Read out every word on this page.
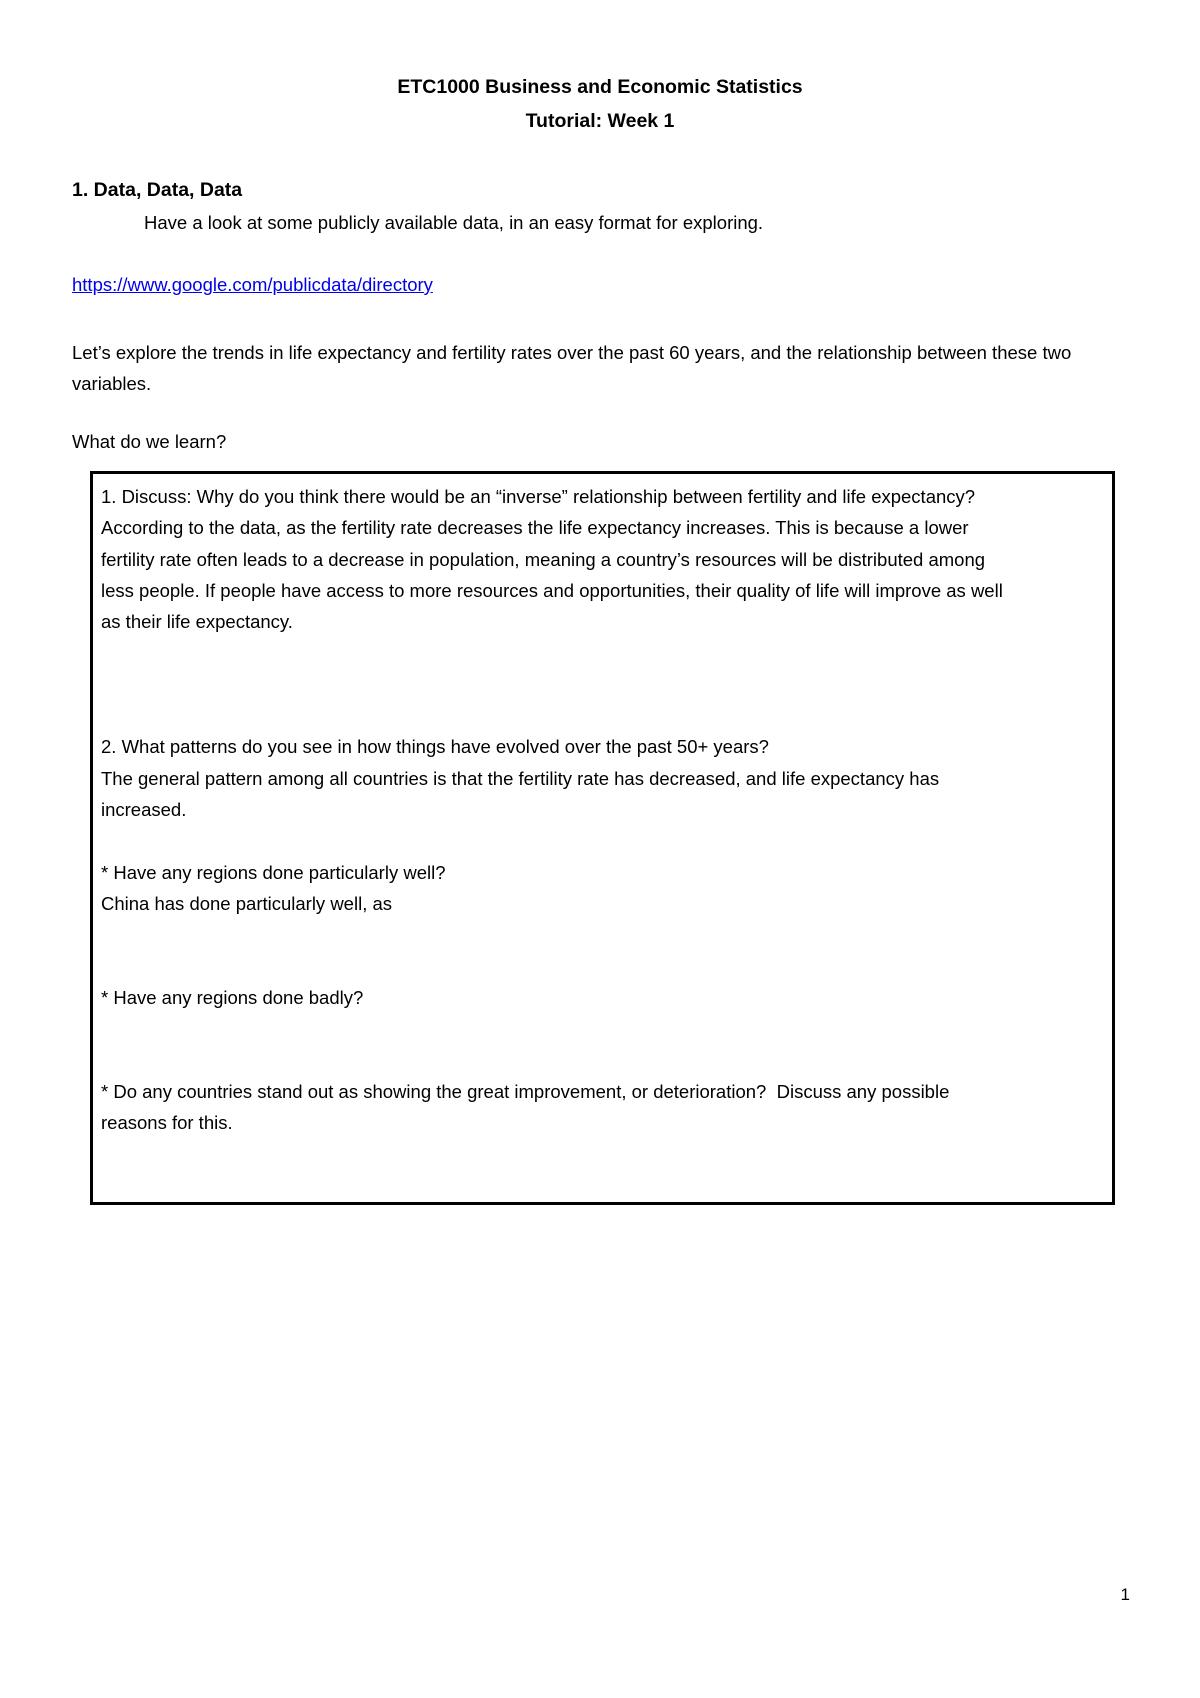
ETC1000 Business and Economic Statistics
Tutorial: Week 1
1. Data, Data, Data
Have a look at some publicly available data, in an easy format for exploring.
https://www.google.com/publicdata/directory
Let’s explore the trends in life expectancy and fertility rates over the past 60 years, and the relationship between these two variables.
What do we learn?
1. Discuss: Why do you think there would be an “inverse” relationship between fertility and life expectancy?
According to the data, as the fertility rate decreases the life expectancy increases. This is because a lower
fertility rate often leads to a decrease in population, meaning a country’s resources will be distributed among
less people. If people have access to more resources and opportunities, their quality of life will improve as well
as their life expectancy.
2. What patterns do you see in how things have evolved over the past 50+ years?
The general pattern among all countries is that the fertility rate has decreased, and life expectancy has
increased.
* Have any regions done particularly well?
China has done particularly well, as
* Have any regions done badly?
* Do any countries stand out as showing the great improvement, or deterioration?  Discuss any possible
reasons for this.
1
